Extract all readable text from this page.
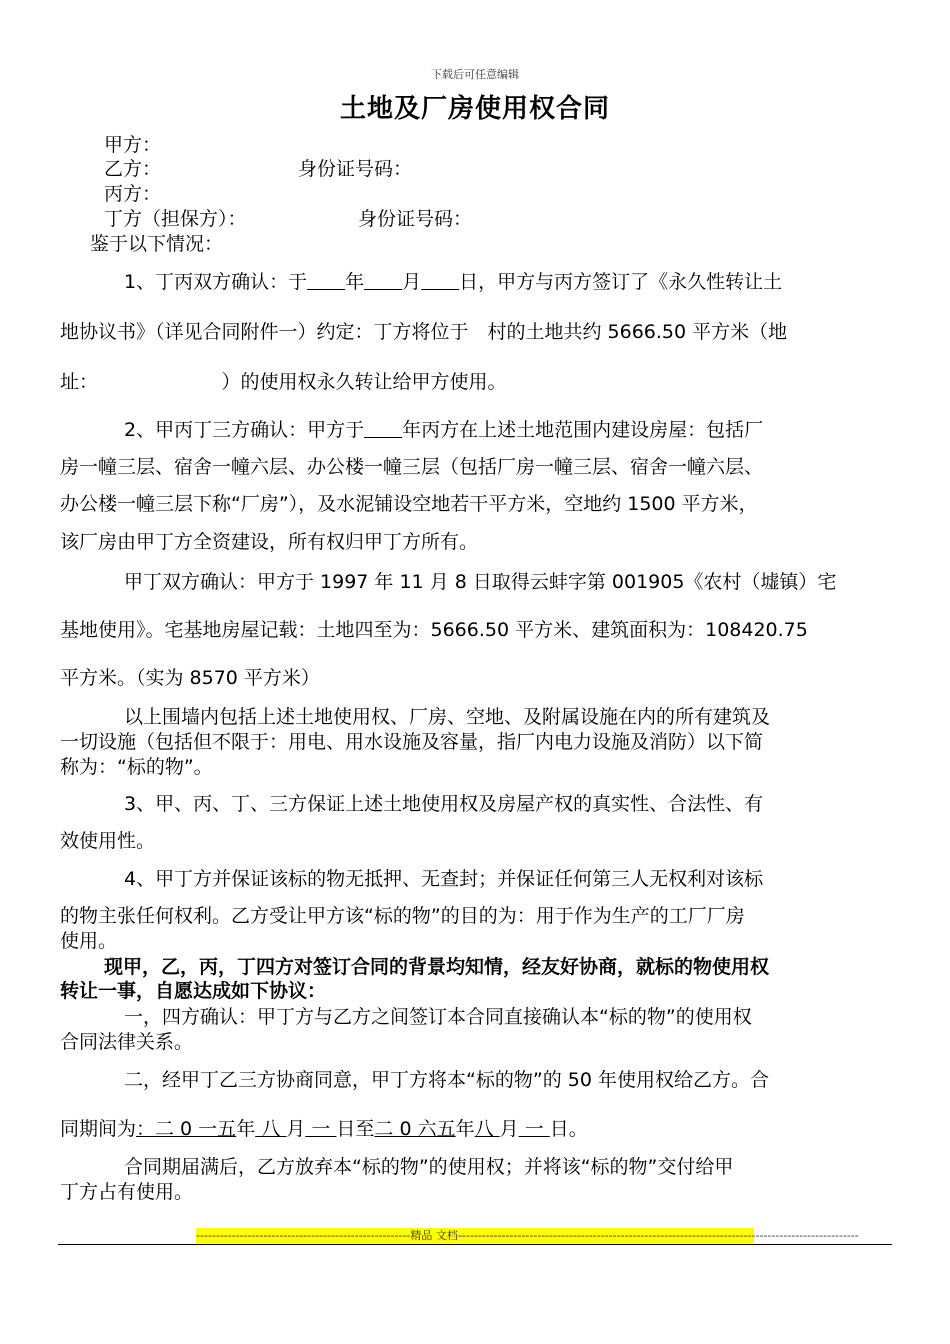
下载后可任意编辑
土地及厂房使用权合同
甲方：
乙方：	身份证号码：
丙方：
丁方（担保方）：	身份证号码：
鉴于以下情况：
1、丁丙双方确认：于　　 年　　 月　　 日，甲方与丙方签订了《永久性转让土
地协议书》（详见合同附件一）约定：丁方将位于　村的土地共约 5666.50 平方米（地
址：　　　　　　　）的使用权永久转让给甲方使用。
2、甲丙丁三方确认：甲方于　　 年丙方在上述土地范围内建设房屋：包括厂
房一幢三层、宿舍一幢六层、办公楼一幢三层（包括厂房一幢三层、宿舍一幢六层、
办公楼一幢三层下称“厂房”），及水泥铺设空地若干平方米，空地约 1500 平方米，
该厂房由甲丁方全资建设，所有权归甲丁方所有。
甲丁双方确认：甲方于 1997 年 11 月 8 日取得云蚌字第 001905《农村（墟镇）宅
基地使用》。宅基地房屋记载：土地四至为：5666.50 平方米、建筑面积为：108420.75
平方米。（实为 8570 平方米）
以上围墙内包括上述土地使用权、厂房、空地、及附属设施在内的所有建筑及
一切设施（包括但不限于：用电、用水设施及容量，指厂内电力设施及消防）以下简
称为：“标的物”。
3、甲、丙、丁、三方保证上述土地使用权及房屋产权的真实性、合法性、有
效使用性。
4、甲丁方并保证该标的物无抵押、无查封；并保证任何第三人无权利对该标
的物主张任何权利。乙方受让甲方该“标的物”的目的为：用于作为生产的工厂厂房
使用。
现甲，乙，丙，丁四方对签订合同的背景均知情，经友好协商，就标的物使用权
转让一事，自愿达成如下协议：
一，四方确认：甲丁方与乙方之间签订本合同直接确认本“标的物”的使用权
合同法律关系。
二，经甲丁乙三方协商同意，甲丁方将本“标的物”的 50 年使用权给乙方。合
同期间为：二 0 一五年 八 月 一 日至二 0 六五年八 月 一 日。
合同期届满后，乙方放弃本“标的物”的使用权；并将该“标的物”交付给甲
丁方占有使用。
------------------------------------------------------精品 文档-----------------------------------------------------------------------------------------------------
